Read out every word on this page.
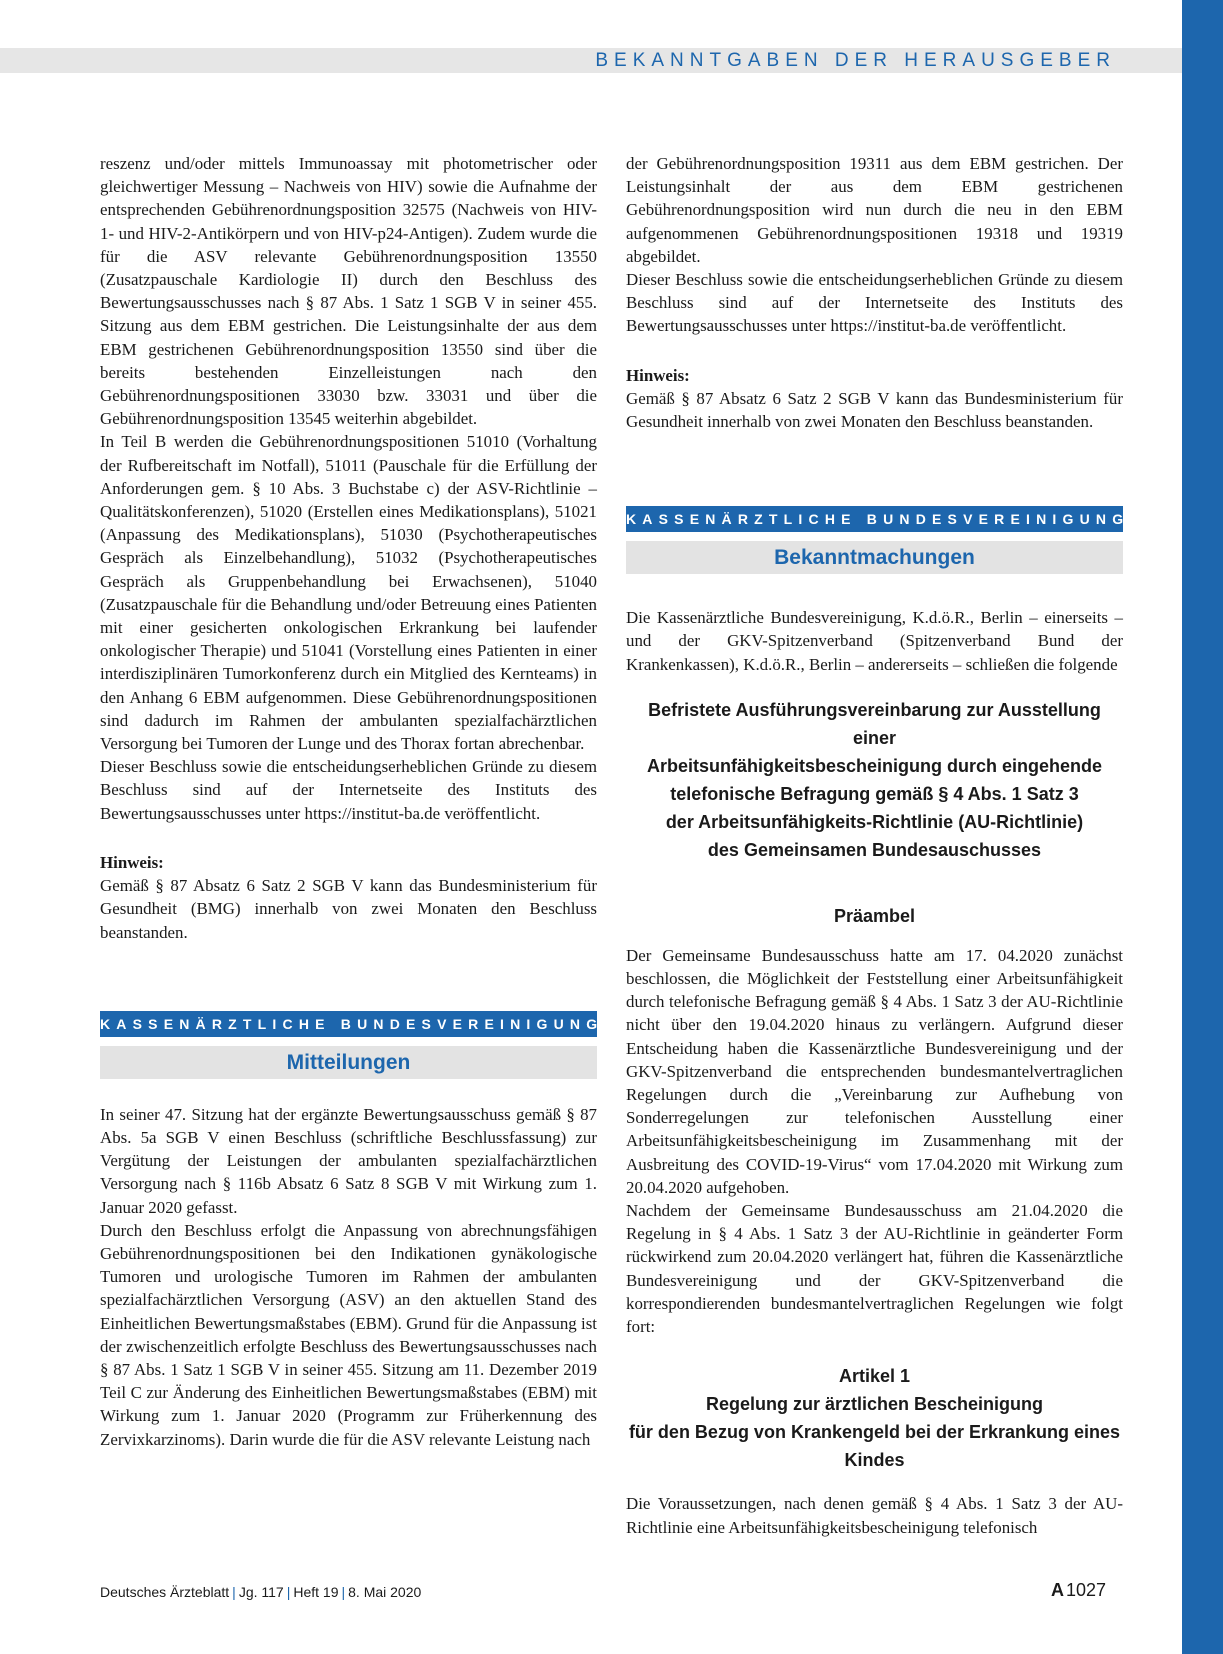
BEKANNTGABEN DER HERAUSGEBER

reszenz und/oder mittels Immunoassay mit photometrischer oder gleichwertiger Messung – Nachweis von HIV) sowie die Aufnahme der entsprechenden Gebührenordnungsposition 32575 (Nachweis von HIV-1- und HIV-2-Antikörpern und von HIV-p24-Antigen). Zudem wurde die für die ASV relevante Gebührenordnungsposition 13550 (Zusatzpauschale Kardiologie II) durch den Beschluss des Bewertungsausschusses nach § 87 Abs. 1 Satz 1 SGB V in seiner 455. Sitzung aus dem EBM gestrichen. Die Leistungsinhalte der aus dem EBM gestrichenen Gebührenordnungsposition 13550 sind über die bereits bestehenden Einzelleistungen nach den Gebührenordnungspositionen 33030 bzw. 33031 und über die Gebührenordnungsposition 13545 weiterhin abgebildet.

In Teil B werden die Gebührenordnungspositionen 51010 (Vorhaltung der Rufbereitschaft im Notfall), 51011 (Pauschale für die Erfüllung der Anforderungen gem. § 10 Abs. 3 Buchstabe c) der ASV-Richtlinie – Qualitätskonferenzen), 51020 (Erstellen eines Medikationsplans), 51021 (Anpassung des Medikationsplans), 51030 (Psychotherapeutisches Gespräch als Einzelbehandlung), 51032 (Psychotherapeutisches Gespräch als Gruppenbehandlung bei Erwachsenen), 51040 (Zusatzpauschale für die Behandlung und/oder Betreuung eines Patienten mit einer gesicherten onkologischen Erkrankung bei laufender onkologischer Therapie) und 51041 (Vorstellung eines Patienten in einer interdisziplinären Tumorkonferenz durch ein Mitglied des Kernteams) in den Anhang 6 EBM aufgenommen. Diese Gebührenordnungspositionen sind dadurch im Rahmen der ambulanten spezialfachärztlichen Versorgung bei Tumoren der Lunge und des Thorax fortan abrechenbar.

Dieser Beschluss sowie die entscheidungserheblichen Gründe zu diesem Beschluss sind auf der Internetseite des Instituts des Bewertungsausschusses unter https://institut-ba.de veröffentlicht.

Hinweis:

Gemäß § 87 Absatz 6 Satz 2 SGB V kann das Bundesministerium für Gesundheit (BMG) innerhalb von zwei Monaten den Beschluss beanstanden.

KASSENÄRZTLICHE BUNDESVEREINIGUNG
Mitteilungen

In seiner 47. Sitzung hat der ergänzte Bewertungsausschuss gemäß § 87 Abs. 5a SGB V einen Beschluss (schriftliche Beschlussfassung) zur Vergütung der Leistungen der ambulanten spezialfachärztlichen Versorgung nach § 116b Absatz 6 Satz 8 SGB V mit Wirkung zum 1. Januar 2020 gefasst.

Durch den Beschluss erfolgt die Anpassung von abrechnungsfähigen Gebührenordnungspositionen bei den Indikationen gynäkologische Tumoren und urologische Tumoren im Rahmen der ambulanten spezialfachärztlichen Versorgung (ASV) an den aktuellen Stand des Einheitlichen Bewertungsmaßstabes (EBM). Grund für die Anpassung ist der zwischenzeitlich erfolgte Beschluss des Bewertungsausschusses nach § 87 Abs. 1 Satz 1 SGB V in seiner 455. Sitzung am 11. Dezember 2019 Teil C zur Änderung des Einheitlichen Bewertungsmaßstabes (EBM) mit Wirkung zum 1. Januar 2020 (Programm zur Früherkennung des Zervixkarzinoms). Darin wurde die für die ASV relevante Leistung nach

der Gebührenordnungsposition 19311 aus dem EBM gestrichen. Der Leistungsinhalt der aus dem EBM gestrichenen Gebührenordnungsposition wird nun durch die neu in den EBM aufgenommenen Gebührenordnungspositionen 19318 und 19319 abgebildet.

Dieser Beschluss sowie die entscheidungserheblichen Gründe zu diesem Beschluss sind auf der Internetseite des Instituts des Bewertungsausschusses unter https://institut-ba.de veröffentlicht.

Hinweis:

Gemäß § 87 Absatz 6 Satz 2 SGB V kann das Bundesministerium für Gesundheit innerhalb von zwei Monaten den Beschluss beanstanden.

KASSENÄRZTLICHE BUNDESVEREINIGUNG
Bekanntmachungen

Die Kassenärztliche Bundesvereinigung, K.d.ö.R., Berlin – einerseits – und der GKV-Spitzenverband (Spitzenverband Bund der Krankenkassen), K.d.ö.R., Berlin – andererseits – schließen die folgende

Befristete Ausführungsvereinbarung zur Ausstellung einer

Arbeitsunfähigkeitsbescheinigung durch eingehende

telefonische Befragung gemäß § 4 Abs. 1 Satz 3

der Arbeitsunfähigkeits-Richtlinie (AU-Richtlinie)

des Gemeinsamen Bundesauschusses

Präambel

Der Gemeinsame Bundesausschuss hatte am 17. 04.2020 zunächst beschlossen, die Möglichkeit der Feststellung einer Arbeitsunfähigkeit durch telefonische Befragung gemäß § 4 Abs. 1 Satz 3 der AU-Richtlinie nicht über den 19.04.2020 hinaus zu verlängern. Aufgrund dieser Entscheidung haben die Kassenärztliche Bundesvereinigung und der GKV-Spitzenverband die entsprechenden bundesmantelvertraglichen Regelungen durch die „Vereinbarung zur Aufhebung von Sonderregelungen zur telefonischen Ausstellung einer Arbeitsunfähigkeitsbescheinigung im Zusammenhang mit der Ausbreitung des COVID-19-Virus“ vom 17.04.2020 mit Wirkung zum 20.04.2020 aufgehoben.

Nachdem der Gemeinsame Bundesausschuss am 21.04.2020 die Regelung in § 4 Abs. 1 Satz 3 der AU-Richtlinie in geänderter Form rückwirkend zum 20.04.2020 verlängert hat, führen die Kassenärztliche Bundesvereinigung und der GKV-Spitzenverband die korrespondierenden bundesmantelvertraglichen Regelungen wie folgt fort:

Artikel 1

Regelung zur ärztlichen Bescheinigung

für den Bezug von Krankengeld bei der Erkrankung eines Kindes

Die Voraussetzungen, nach denen gemäß § 4 Abs. 1 Satz 3 der AU-Richtlinie eine Arbeitsunfähigkeitsbescheinigung telefonisch

Deutsches Ärzteblatt | Jg. 117 | Heft 19 | 8. Mai 2020	A 1027
